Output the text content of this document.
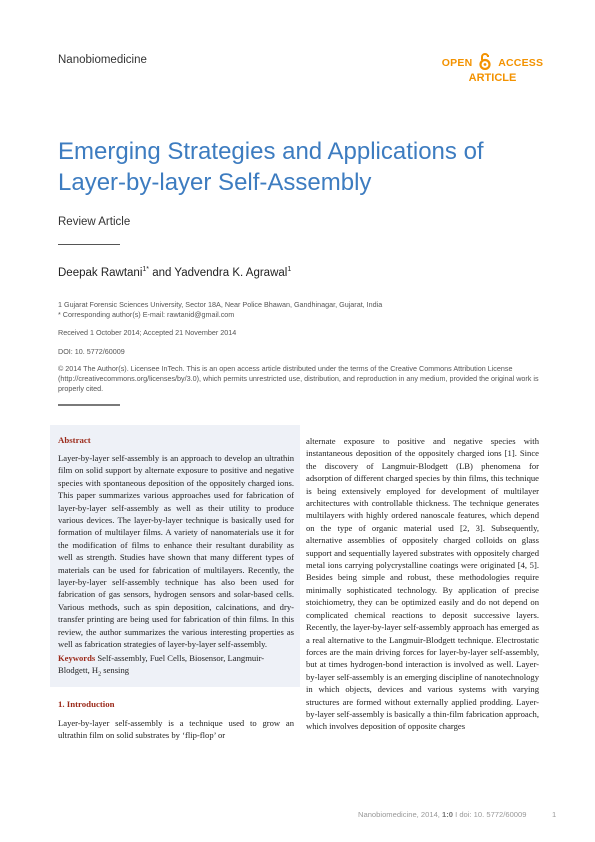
Nanobiomedicine	OPEN ACCESS
ARTICLE
Emerging Strategies and Applications of Layer-by-layer Self-Assembly
Review Article
Deepak Rawtani$^{1*}$ and Yadvendra K. Agrawal$^1$
1 Gujarat Forensic Sciences University, Sector 18A, Near Police Bhawan, Gandhinagar, Gujarat, India
* Corresponding author(s) E-mail: rawtanid@gmail.com
Received 1 October 2014; Accepted 21 November 2014
DOI: 10. 5772/60009
© 2014 The Author(s). Licensee InTech. This is an open access article distributed under the terms of the Creative Commons Attribution License (http://creativecommons.org/licenses/by/3.0), which permits unrestricted use, distribution, and reproduction in any medium, provided the original work is properly cited.
Abstract
Layer-by-layer self-assembly is an approach to develop an ultrathin film on solid support by alternate exposure to positive and negative species with spontaneous deposition of the oppositely charged ions. This paper summarizes various approaches used for fabrication of layer-by-layer self-assembly as well as their utility to produce various devices. The layer-by-layer technique is basically used for formation of multilayer films. A variety of nanomaterials use it for the modification of films to enhance their resultant durability as well as strength. Studies have shown that many different types of materials can be used for fabrication of multilayers. Recently, the layer-by-layer self-assembly technique has also been used for fabrication of gas sensors, hydrogen sensors and solar-based cells. Various methods, such as spin deposition, calcinations, and dry-transfer printing are being used for fabrication of thin films. In this review, the author summarizes the various interesting properties as well as fabrication strategies of layer-by-layer self-assembly.
Keywords Self-assembly, Fuel Cells, Biosensor, Langmuir-Blodgett, $H_2$ sensing
1. Introduction
Layer-by-layer self-assembly is a technique used to grow an ultrathin film on solid substrates by ‘flip-flop’ or
alternate exposure to positive and negative species with instantaneous deposition of the oppositely charged ions [1]. Since the discovery of Langmuir-Blodgett (LB) phenomena for adsorption of different charged species by thin films, this technique is being extensively employed for development of multilayer architectures with controllable thickness. The technique generates multilayers with highly ordered nanoscale features, which depend on the type of organic material used [2, 3]. Subsequently, alternative assemblies of oppositely charged colloids on glass support and sequentially layered substrates with oppositely charged metal ions carrying polycrystalline coatings were originated [4, 5]. Besides being simple and robust, these methodologies require minimally sophisticated technology. By application of precise stoichiometry, they can be optimized easily and do not depend on complicated chemical reactions to deposit successive layers. Recently, the layer-by-layer self-assembly approach has emerged as a real alternative to the Langmuir-Blodgett technique. Electrostatic forces are the main driving forces for layer-by-layer self-assembly, but at times hydrogen-bond interaction is involved as well. Layer-by-layer self-assembly is an emerging discipline of nanotechnology in which objects, devices and various systems with varying structures are formed without externally applied prodding. Layer-by-layer self-assembly is basically a thin-film fabrication approach, which involves deposition of opposite charges
Nanobiomedicine, 2014, 1:0 I doi: 10. 5772/60009	1
